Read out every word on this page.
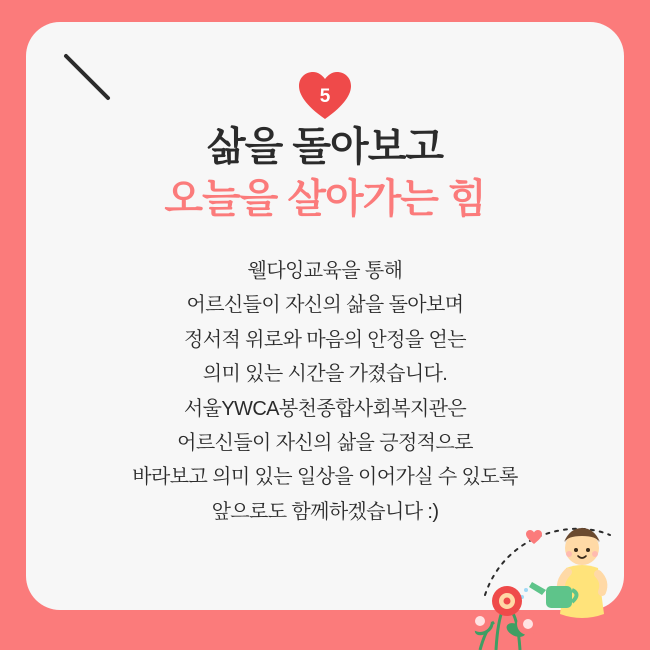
5

삶을 돌아보고

오늘을 살아가는 힘

웰다잉교육을 통해

어르신들이 자신의 삶을 돌아보며

정서적 위로와 마음의 안정을 얻는

의미 있는 시간을 가졌습니다.

서울YWCA봉천종합사회복지관은

어르신들이 자신의 삶을 긍정적으로

바라보고 의미 있는 일상을 이어가실 수 있도록

앞으로도 함께하겠습니다 :)
